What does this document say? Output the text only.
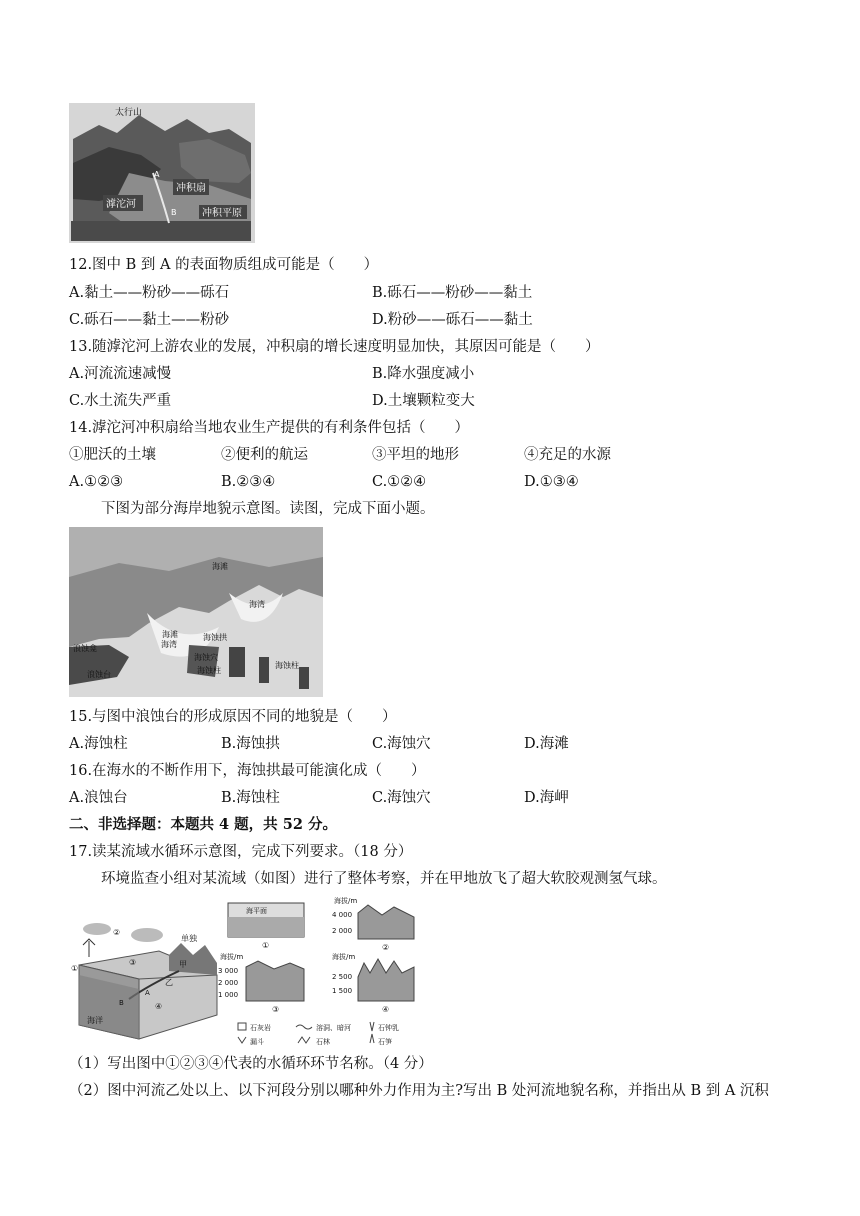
太行山
A
冲积扇
滹沱河
B	冲积平原
12.图中 B 到 A 的表面物质组成可能是（　　）
A.黏土——粉砂——砾石	B.砾石——粉砂——黏土
C.砾石——黏土——粉砂	D.粉砂——砾石——黏土
13.随滹沱河上游农业的发展，冲积扇的增长速度明显加快，其原因可能是（　　）
A.河流流速减慢	B.降水强度减小
C.水土流失严重	D.土壤颗粒变大
14.滹沱河冲积扇给当地农业生产提供的有利条件包括（　　）
①肥沃的土壤	②便利的航运	③平坦的地形	④充足的水源
A.①②③	B.②③④	C.①②④	D.①③④
下图为部分海岸地貌示意图。读图，完成下面小题。
海滩
海滩
海湾
海湾
浪蚀龛
海蚀拱
海蚀穴
海蚀柱
浪蚀台
海蚀柱
15.与图中浪蚀台的形成原因不同的地貌是（　　）
A.海蚀柱	B.海蚀拱	C.海蚀穴	D.海滩
16.在海水的不断作用下，海蚀拱最可能演化成（　　）
A.浪蚀台	B.海蚀柱	C.海蚀穴	D.海岬
二、非选择题：本题共 4 题，共 52 分。
17.读某流域水循环示意图，完成下列要求。（18 分）
环境监查小组对某流域（如图）进行了整体考察，并在甲地放飞了超大软胶观测氢气球。
②
③
①
④
单独
乙
甲
海洋
B
A
海平面
①
海拔/m
4 000
2 000
②
海拔/m
3 000
2 000
1 000
③
海拔/m
2 500
1 500
④
石灰岩	溶洞、暗河	石钟乳
漏斗	石林	石笋
（1）写出图中①②③④代表的水循环环节名称。（4 分）
（2）图中河流乙处以上、以下河段分别以哪种外力作用为主?写出 B 处河流地貌名称，并指出从 B 到 A 沉积
